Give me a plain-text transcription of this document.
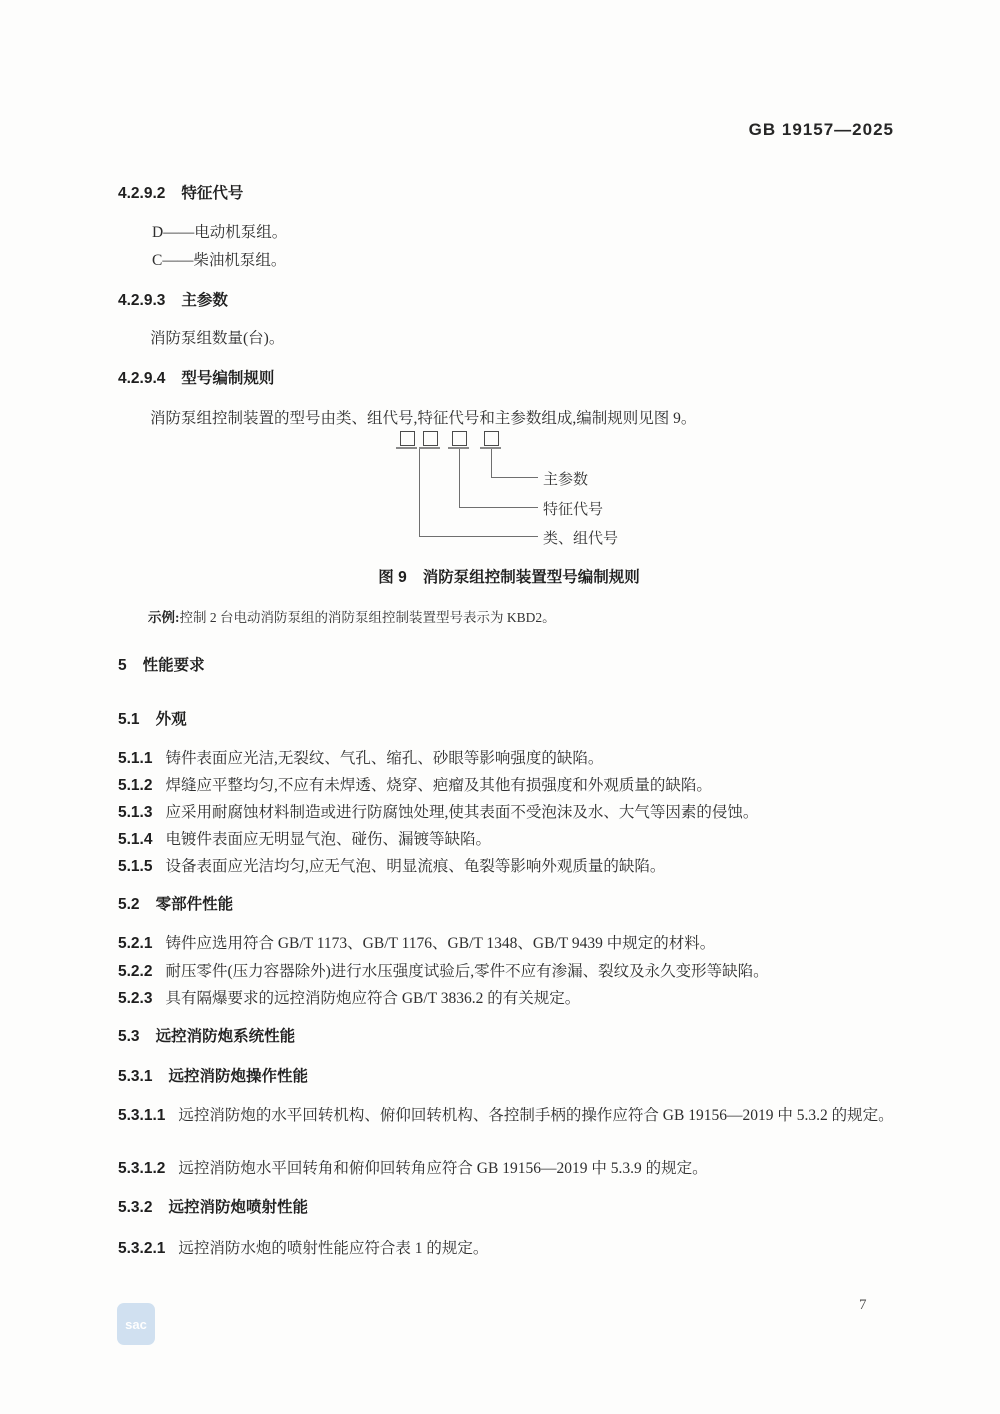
GB 19157—2025
4.2.9.2 特征代号
D——电动机泵组。
C——柴油机泵组。
4.2.9.3 主参数
消防泵组数量(台)。
4.2.9.4 型号编制规则
消防泵组控制装置的型号由类、组代号,特征代号和主参数组成,编制规则见图 9。
主参数
特征代号
类、组代号
图 9 消防泵组控制装置型号编制规则
示例:控制 2 台电动消防泵组的消防泵组控制装置型号表示为 KBD2。
5 性能要求
5.1 外观
5.1.1 铸件表面应光洁,无裂纹、气孔、缩孔、砂眼等影响强度的缺陷。
5.1.2 焊缝应平整均匀,不应有未焊透、烧穿、疤瘤及其他有损强度和外观质量的缺陷。
5.1.3 应采用耐腐蚀材料制造或进行防腐蚀处理,使其表面不受泡沫及水、大气等因素的侵蚀。
5.1.4 电镀件表面应无明显气泡、碰伤、漏镀等缺陷。
5.1.5 设备表面应光洁均匀,应无气泡、明显流痕、龟裂等影响外观质量的缺陷。
5.2 零部件性能
5.2.1 铸件应选用符合 GB/T 1173、GB/T 1176、GB/T 1348、GB/T 9439 中规定的材料。
5.2.2 耐压零件(压力容器除外)进行水压强度试验后,零件不应有渗漏、裂纹及永久变形等缺陷。
5.2.3 具有隔爆要求的远控消防炮应符合 GB/T 3836.2 的有关规定。
5.3 远控消防炮系统性能
5.3.1 远控消防炮操作性能
5.3.1.1 远控消防炮的水平回转机构、俯仰回转机构、各控制手柄的操作应符合 GB 19156—2019 中 5.3.2 的规定。
5.3.1.2 远控消防炮水平回转角和俯仰回转角应符合 GB 19156—2019 中 5.3.9 的规定。
5.3.2 远控消防炮喷射性能
5.3.2.1 远控消防水炮的喷射性能应符合表 1 的规定。
sac
7
